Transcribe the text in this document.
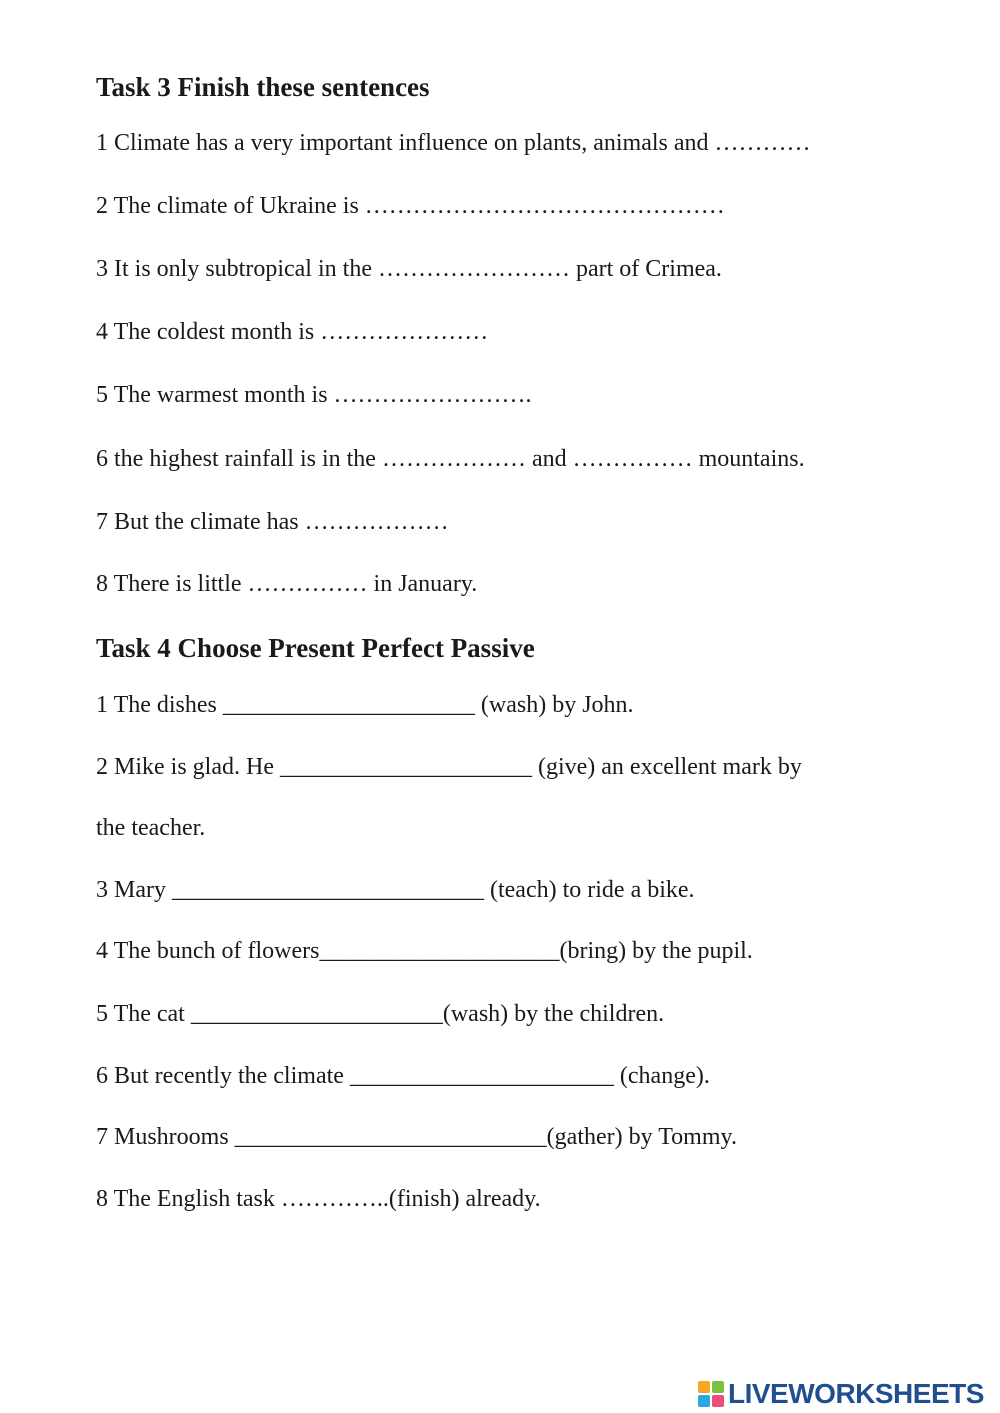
Task 3 Finish these sentences

1 Climate has a very important influence on plants, animals and …………

2 The climate of Ukraine is ………………………………………

3 It is only subtropical in the …………………… part of Crimea.

4 The coldest month is …………………

5 The warmest month is …………………….

6 the highest rainfall is in the ……………… and …………… mountains.

7 But the climate has ………………

8 There is little …………… in January.

Task 4 Choose Present Perfect Passive

1 The dishes _____________________ (wash) by John.

2 Mike is glad. He _____________________ (give) an excellent mark by

the teacher.

3 Mary __________________________ (teach) to ride a bike.

4 The bunch of flowers____________________(bring) by the pupil.

5 The cat _____________________(wash) by the children.

6 But recently the climate ______________________ (change).

7 Mushrooms __________________________(gather) by Tommy.

8 The English task …………..(finish) already.

LIVEWORKSHEETS
